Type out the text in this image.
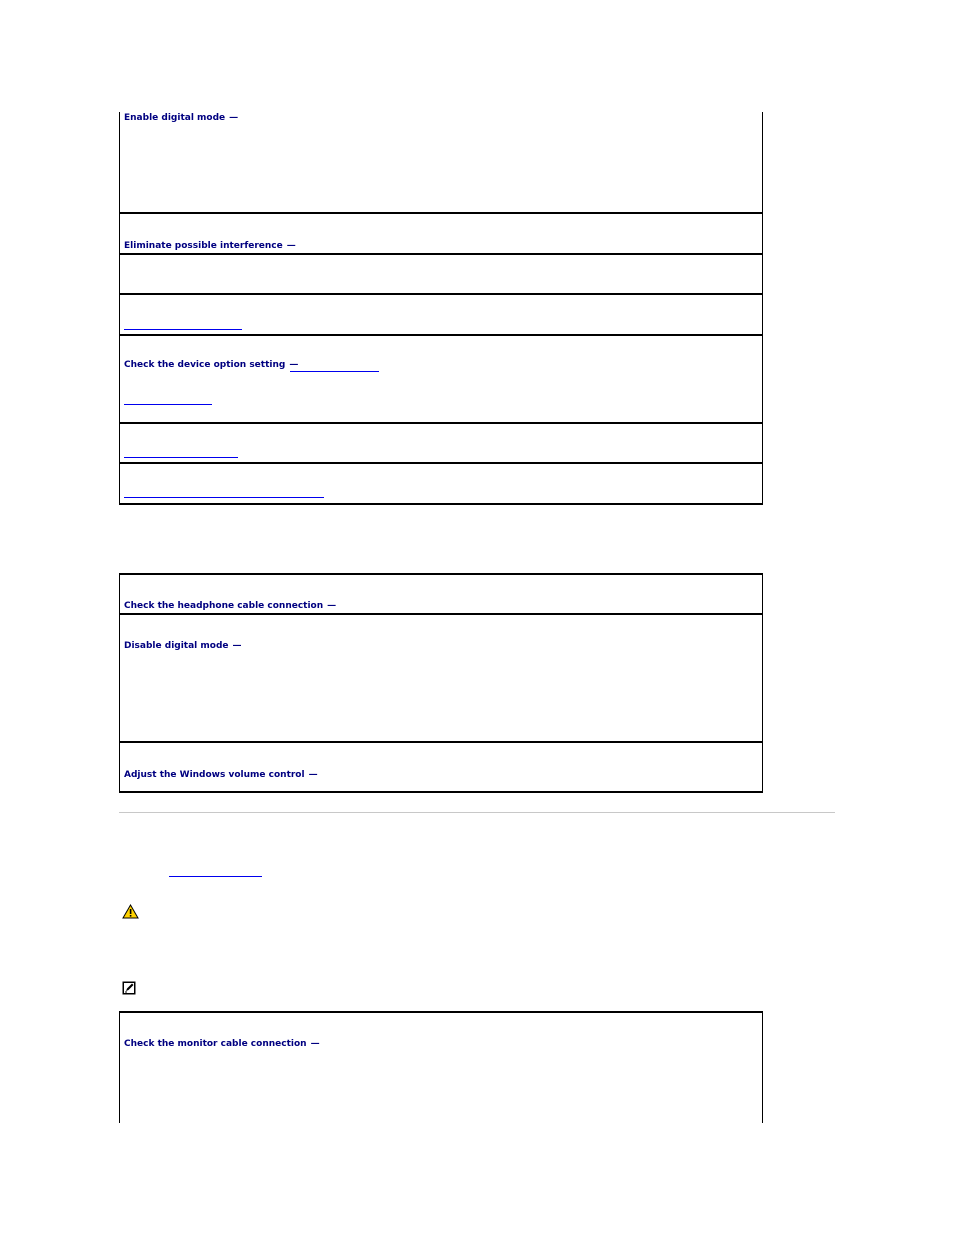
Enable digital mode —
Eliminate possible interference —
Check the device option setting —
Check the headphone cable connection —
Disable digital mode —
Adjust the Windows volume control —
Check the monitor cable connection —
